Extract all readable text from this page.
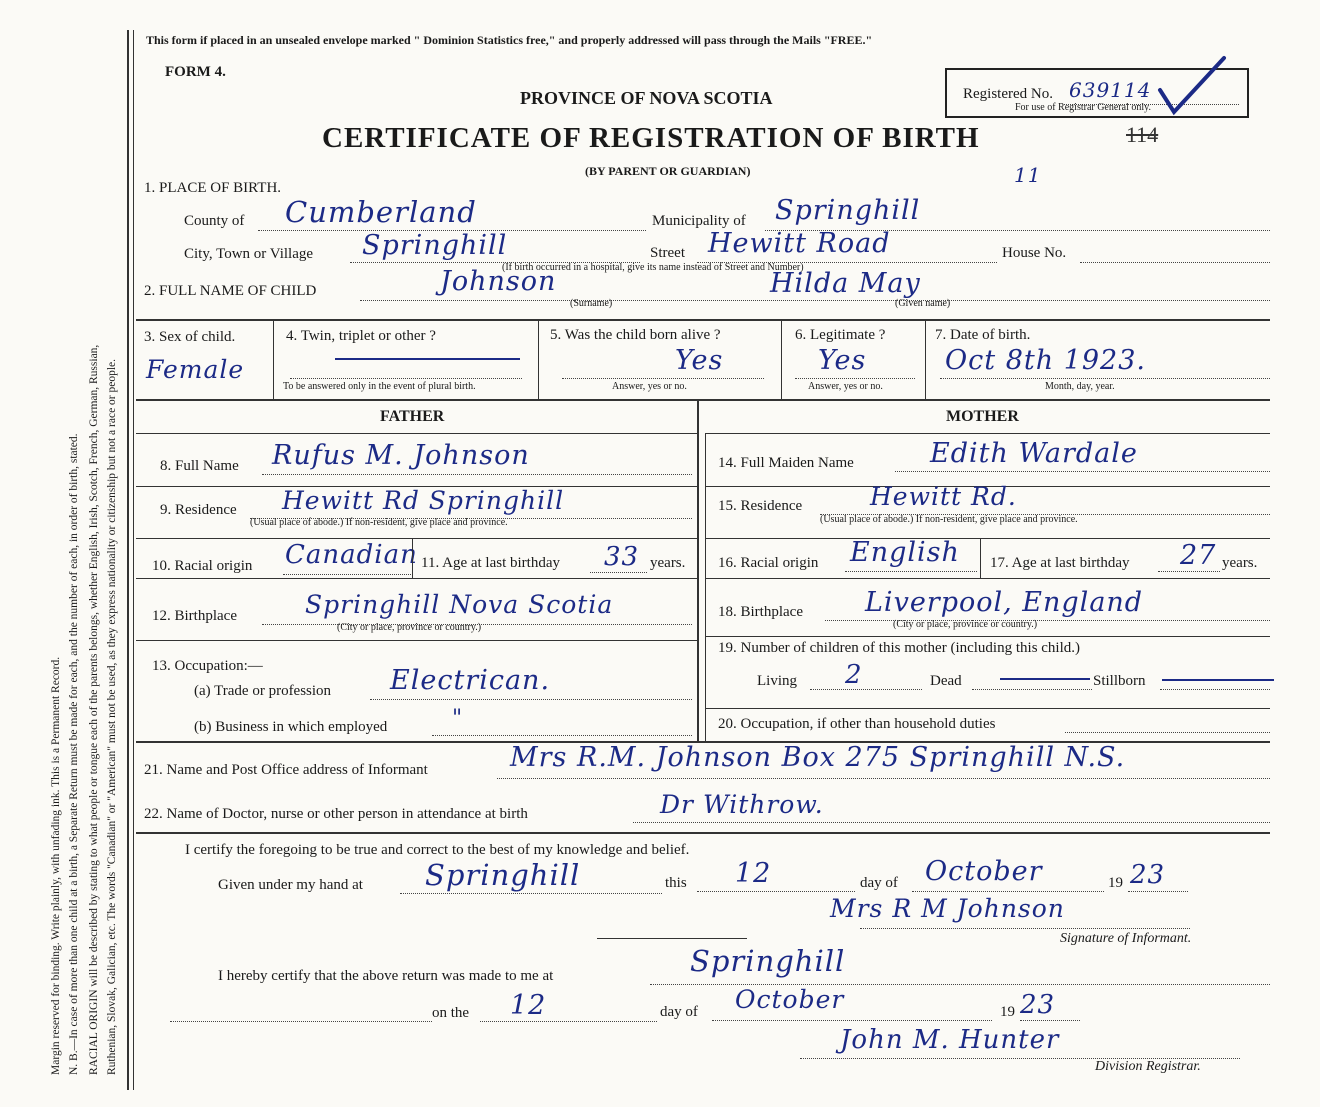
Margin reserved for binding. Write plainly, with unfading ink. This is a Permanent Record. N. B.—In case of more than one child at a birth, a Separate Return must be made for each, and the number of each, in order of birth, stated. RACIAL ORIGIN will be described by stating to what people or tongue each of the parents belongs, whether English, Irish, Scotch, French, German, Russian, Ruthenian, Slovak, Galician, etc. The words "Canadian" or "American" must not be used, as they express nationality or citizenship but not a race or people.
This form if placed in an unsealed envelope marked " Dominion Statistics free," and properly addressed will pass through the Mails "FREE."
FORM 4.
PROVINCE OF NOVA SCOTIA
CERTIFICATE OF REGISTRATION OF BIRTH
(BY PARENT OR GUARDIAN)
Registered No. 639114
For use of Registrar General only.
114
11
1. PLACE OF BIRTH.
County of Cumberland	Municipality of Springhill
City, Town or Village Springhill	Street Hewitt Road	House No.
(If birth occurred in a hospital, give its name instead of Street and Number)
2. FULL NAME OF CHILD	Johnson	Hilda May
(Surname)	(Given name)
3. Sex of child.
Female
4. Twin, triplet or other ?
To be answered only in the event of plural birth.
5. Was the child born alive ?
Yes
Answer, yes or no.
6. Legitimate ?
Yes
Answer, yes or no.
7. Date of birth.
Oct 8th 1923.
Month, day, year.
FATHER	MOTHER
8. Full Name Rufus M. Johnson
9. Residence Hewitt Rd Springhill
(Usual place of abode.) If non-resident, give place and province.
10. Racial origin Canadian 11. Age at last birthday 33 years.
12. Birthplace	Springhill Nova Scotia
(City or place, province or country.)
13. Occupation:—
(a) Trade or profession Electrican.
(b) Business in which employed	"
14. Full Maiden Name	Edith Wardale
15. Residence	Hewitt Rd.
(Usual place of abode.) If non-resident, give place and province.
16. Racial origin English 17. Age at last birthday 27 years.
18. Birthplace Liverpool, England
(City or place, province or country.)
19. Number of children of this mother (including this child.)
Living 2	Dead	Stillborn
20. Occupation, if other than household duties
21. Name and Post Office address of Informant	Mrs R.M. Johnson Box 275 Springhill N.S.
22. Name of Doctor, nurse or other person in attendance at birth	Dr Withrow.
I certify the foregoing to be true and correct to the best of my knowledge and belief.
Given under my hand at Springhill	this 12	day of October	19 23
Mrs R M Johnson
Signature of Informant.
I hereby certify that the above return was made to me at	Springhill
on the 12	day of October	19 23
John M. Hunter
Division Registrar.
